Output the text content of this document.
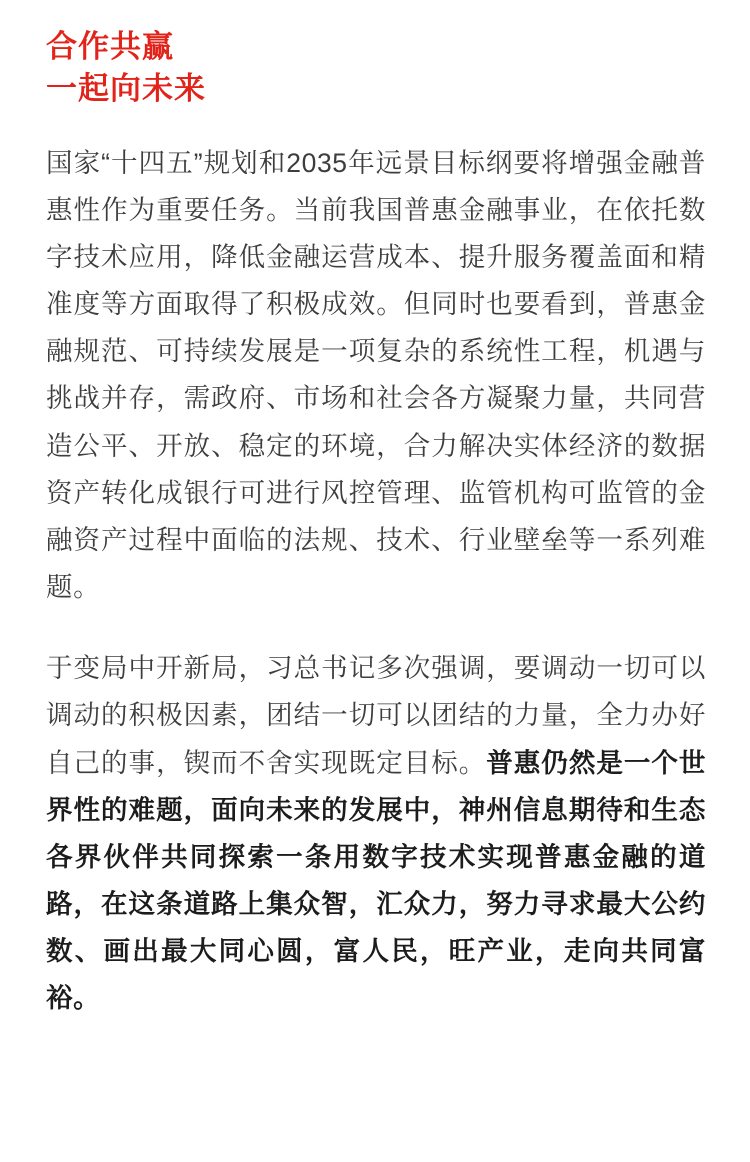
合作共赢
一起向未来

国家“十四五”规划和2035年远景目标纲要将增强金融普惠性作为重要任务。当前我国普惠金融事业，在依托数字技术应用，降低金融运营成本、提升服务覆盖面和精准度等方面取得了积极成效。但同时也要看到，普惠金融规范、可持续发展是一项复杂的系统性工程，机遇与挑战并存，需政府、市场和社会各方凝聚力量，共同营造公平、开放、稳定的环境，合力解决实体经济的数据资产转化成银行可进行风控管理、监管机构可监管的金融资产过程中面临的法规、技术、行业壁垒等一系列难题。

于变局中开新局，习总书记多次强调，要调动一切可以调动的积极因素，团结一切可以团结的力量，全力办好自己的事，锲而不舍实现既定目标。普惠仍然是一个世界性的难题，面向未来的发展中，神州信息期待和生态各界伙伴共同探索一条用数字技术实现普惠金融的道路，在这条道路上集众智，汇众力，努力寻求最大公约数、画出最大同心圆，富人民，旺产业，走向共同富裕。
